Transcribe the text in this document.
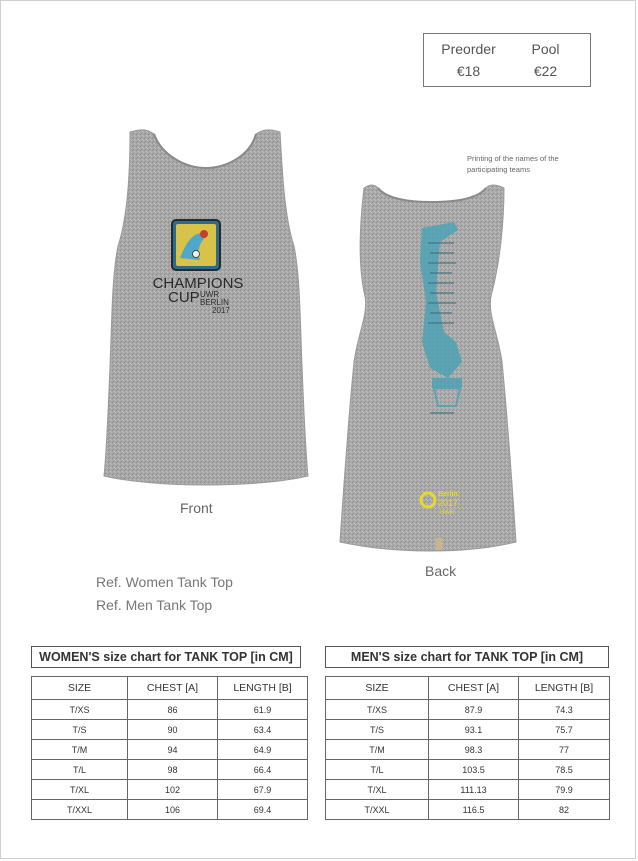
Preorder	Pool
€18	€22
Printing of the names of the participating teams
CHAMPIONS
CUP UWR
BERLIN
2017
Front
Berlin
2017
UWR
Back
Ref. Women Tank Top
Ref. Men Tank Top
WOMEN'S size chart for TANK TOP [in CM]
SIZE	CHEST [A]	LENGTH [B]
T/XS	86	61.9
T/S	90	63.4
T/M	94	64.9
T/L	98	66.4
T/XL	102	67.9
T/XXL	106	69.4
MEN'S size chart for TANK TOP [in CM]
SIZE	CHEST [A]	LENGTH [B]
T/XS	87.9	74.3
T/S	93.1	75.7
T/M	98.3	77
T/L	103.5	78.5
T/XL	111.13	79.9
T/XXL	116.5	82
